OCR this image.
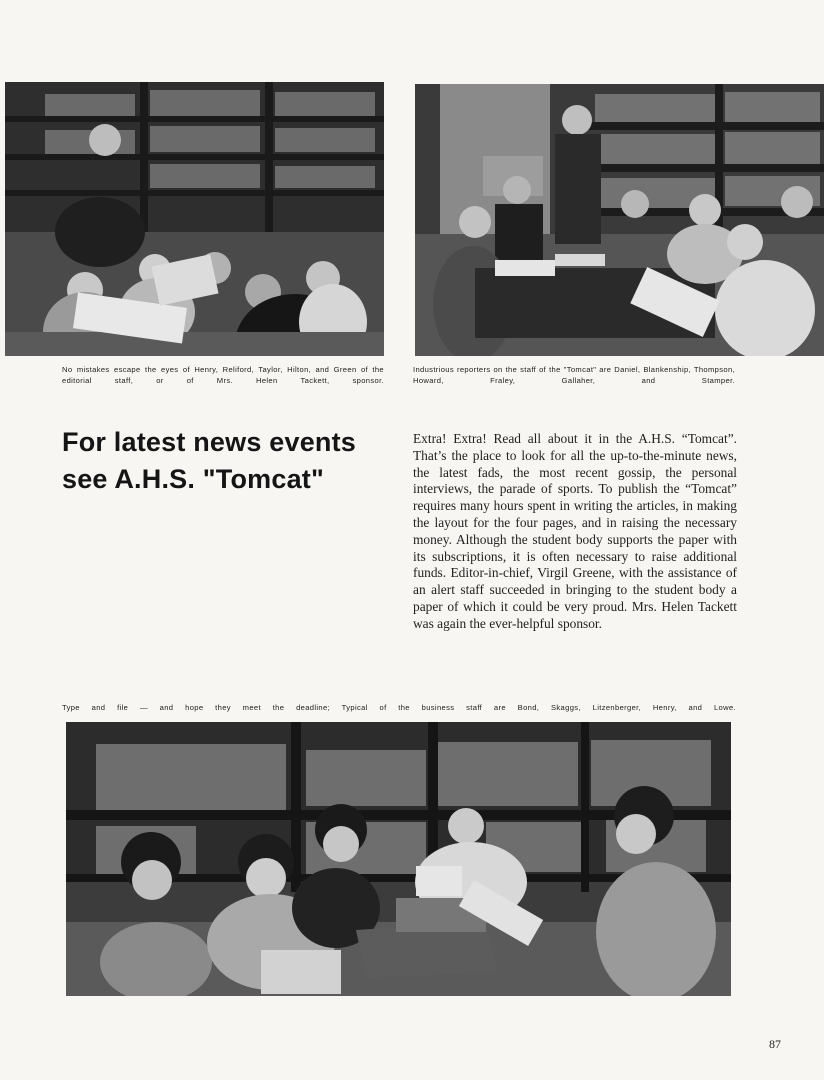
No mistakes escape the eyes of Henry, Reliford, Taylor, Hilton, and Green of the editorial staff, or of Mrs. Helen Tackett, sponsor.
Industrious reporters on the staff of the "Tomcat" are Daniel, Blankenship, Thompson, Howard, Fraley, Gallaher, and Stamper.
For latest news events
see A.H.S. "Tomcat"
Extra! Extra! Read all about it in the A.H.S. “Tomcat”. That’s the place to look for all the up-to-the-minute news, the latest fads, the most recent gossip, the personal interviews, the parade of sports. To publish the “Tomcat” requires many hours spent in writing the articles, in making the layout for the four pages, and in raising the necessary money. Although the student body supports the paper with its subscriptions, it is often necessary to raise additional funds. Editor-in-chief, Virgil Greene, with the assistance of an alert staff succeeded in bringing to the student body a paper of which it could be very proud. Mrs. Helen Tackett was again the ever-helpful sponsor.
Type and file — and hope they meet the deadline; Typical of the business staff are Bond, Skaggs, Litzenberger, Henry, and Lowe.
87
